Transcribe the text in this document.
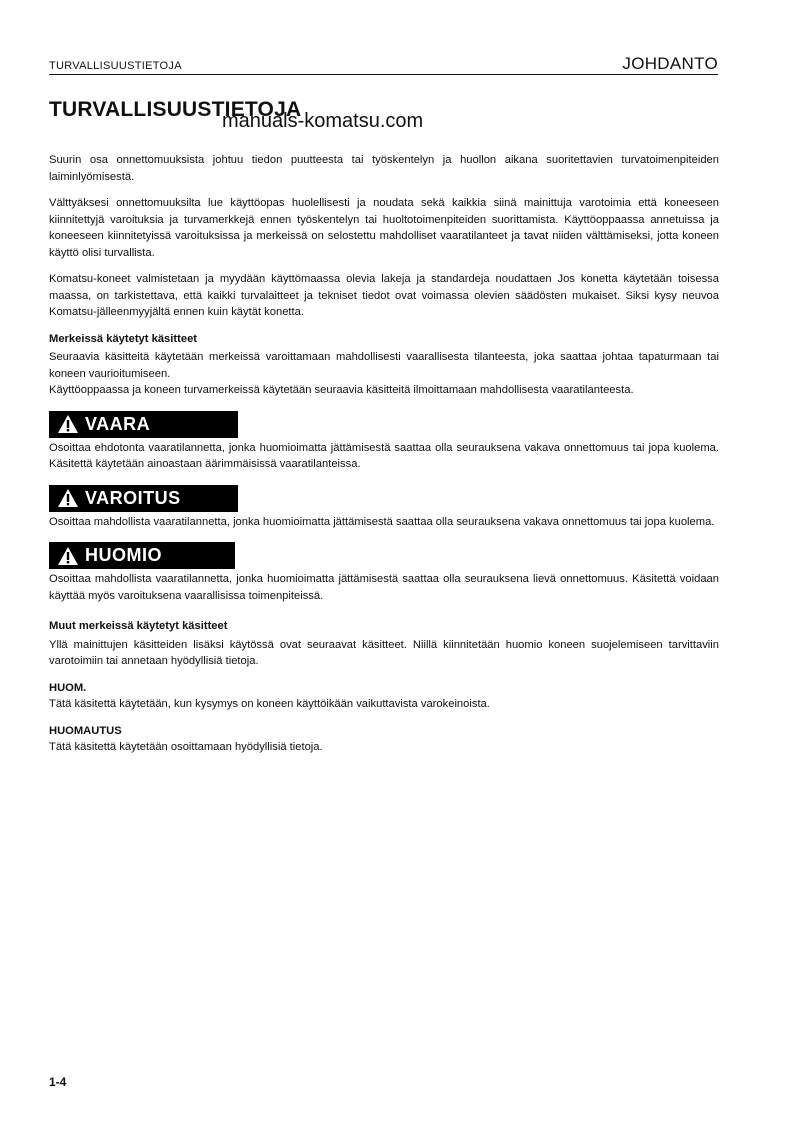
TURVALLISUUSTIETOJA	JOHDANTO
TURVALLISUUSTIETOJA
manuals-komatsu.com

Suurin osa onnettomuuksista johtuu tiedon puutteesta tai työskentelyn ja huollon aikana suoritettavien turvatoimenpiteiden laiminlyömisestä.

Välttyäksesi onnettomuuksilta lue käyttöopas huolellisesti ja noudata sekä kaikkia siinä mainittuja varotoimia että koneeseen kiinnitettyjä varoituksia ja turvamerkkejä ennen työskentelyn tai huoltotoimenpiteiden suorittamista. Käyttöoppaassa annetuissa ja koneeseen kiinnitetyissä varoituksissa ja merkeissä on selostettu mahdolliset vaaratilanteet ja tavat niiden välttämiseksi, jotta koneen käyttö olisi turvallista.

Komatsu-koneet valmistetaan ja myydään käyttömaassa olevia lakeja ja standardeja noudattaen Jos konetta käytetään toisessa maassa, on tarkistettava, että kaikki turvalaitteet ja tekniset tiedot ovat voimassa olevien säädösten mukaiset. Siksi kysy neuvoa Komatsu-jälleenmyyjältä ennen kuin käytät konetta.

Merkeissä käytetyt käsitteet

Seuraavia käsitteitä käytetään merkeissä varoittamaan mahdollisesti vaarallisesta tilanteesta, joka saattaa johtaa tapaturmaan tai koneen vaurioitumiseen.

Käyttöoppaassa ja koneen turvamerkeissä käytetään seuraavia käsitteitä ilmoittamaan mahdollisesta vaaratilanteesta.

VAARA

Osoittaa ehdotonta vaaratilannetta, jonka huomioimatta jättämisestä saattaa olla seurauksena vakava onnettomuus tai jopa kuolema. Käsitettä käytetään ainoastaan äärimmäisissä vaaratilanteissa.

VAROITUS

Osoittaa mahdollista vaaratilannetta, jonka huomioimatta jättämisestä saattaa olla seurauksena vakava onnettomuus tai jopa kuolema.

HUOMIO

Osoittaa mahdollista vaaratilannetta, jonka huomioimatta jättämisestä saattaa olla seurauksena lievä onnettomuus. Käsitettä voidaan käyttää myös varoituksena vaarallisissa toimenpiteissä.

Muut merkeissä käytetyt käsitteet

Yllä mainittujen käsitteiden lisäksi käytössä ovat seuraavat käsitteet. Niillä kiinnitetään huomio koneen suojelemiseen tarvittaviin varotoimiin tai annetaan hyödyllisiä tietoja.

HUOM.

Tätä käsitettä käytetään, kun kysymys on koneen käyttöikään vaikuttavista varokeinoista.

HUOMAUTUS

Tätä käsitettä käytetään osoittamaan hyödyllisiä tietoja.

1-4
